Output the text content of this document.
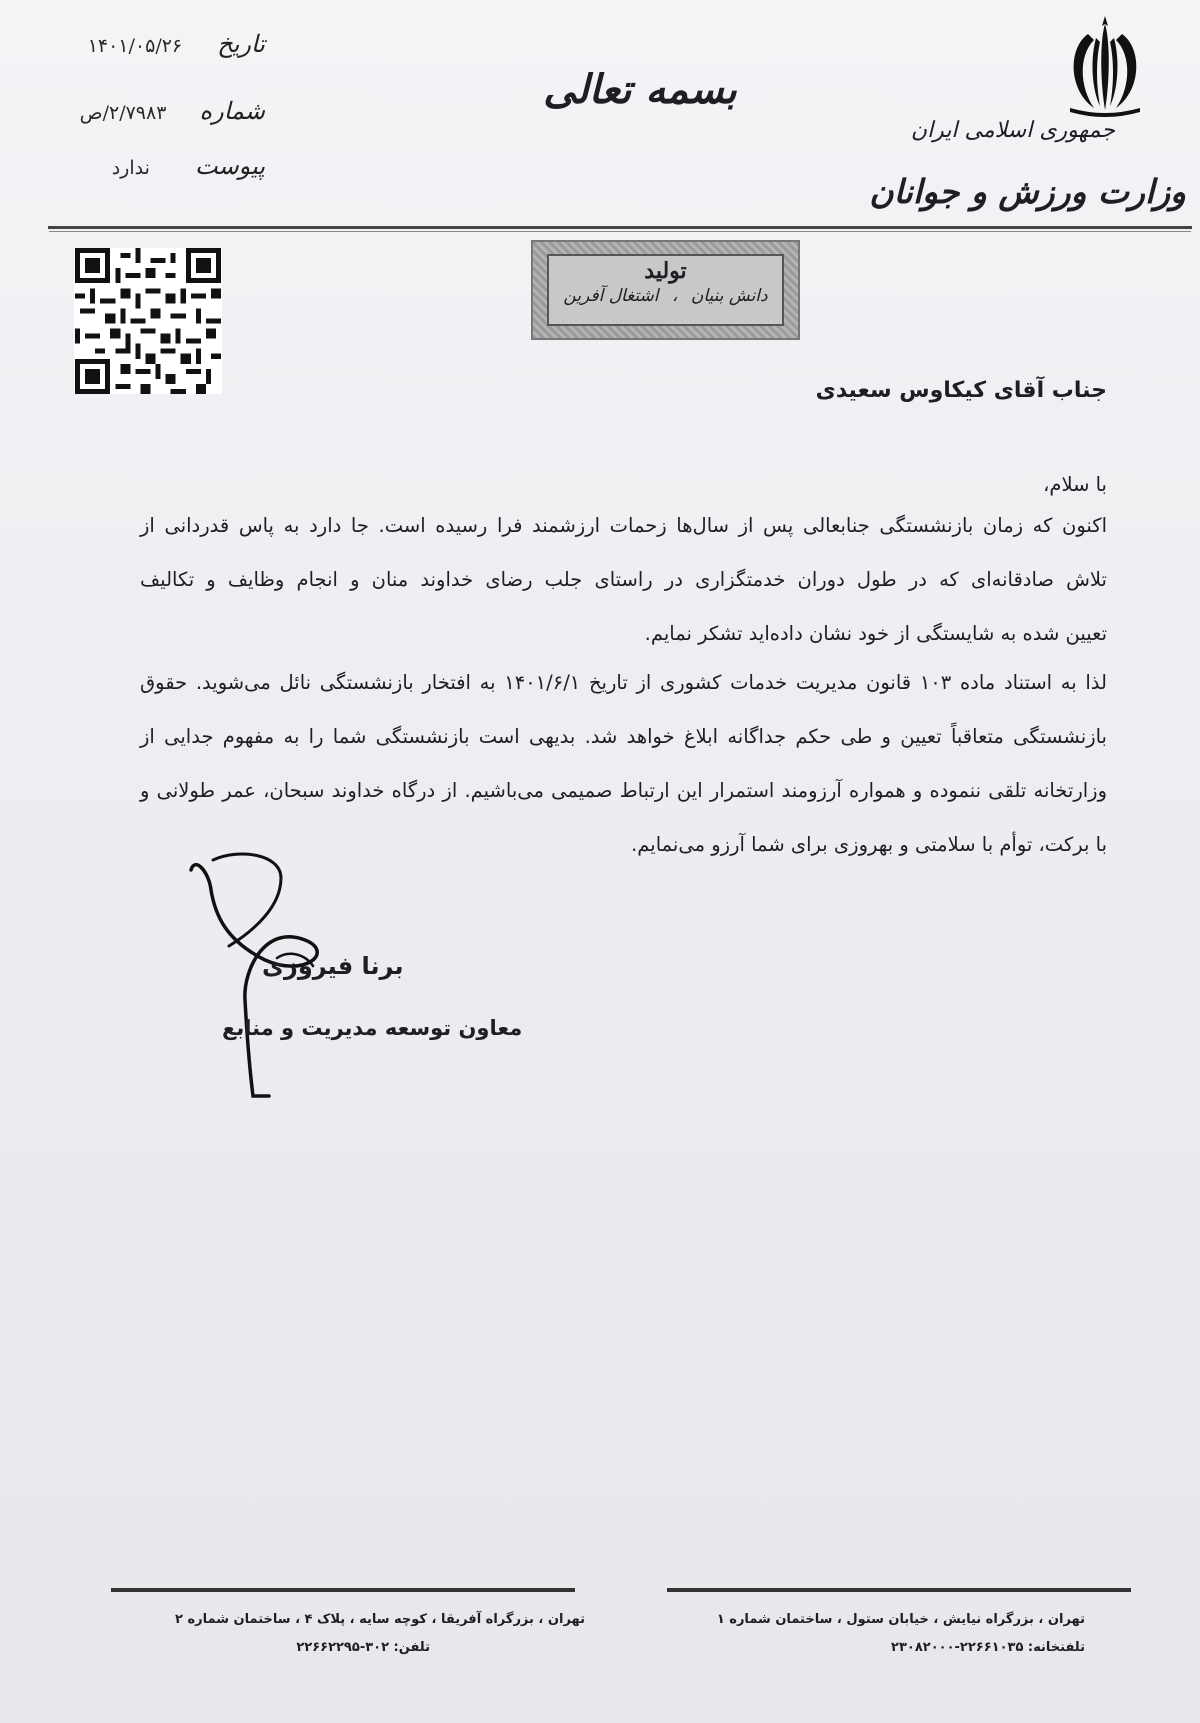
تاریخ ۱۴۰۱/۰۵/۲۶
شماره ۲/۷۹۸۳/ص
پیوست ندارد
بسمه تعالی
جمهوری اسلامی ایران
وزارت ورزش و جوانان
تولید
دانش بنیان ، اشتغال آفرین
جناب آقای کیکاوس سعیدی
با سلام،
اکنون که زمان بازنشستگی جنابعالی پس از سال‌ها زحمات ارزشمند فرا رسیده است. جا دارد به پاس قدردانی از
تلاش صادقانه‌ای که در طول دوران خدمتگزاری در راستای جلب رضای خداوند منان و انجام وظایف و تکالیف
تعیین شده به شایستگی از خود نشان داده‌اید تشکر نمایم.
لذا به استناد ماده ۱۰۳ قانون مدیریت خدمات کشوری از تاریخ ۱۴۰۱/۶/۱ به افتخار بازنشستگی نائل می‌شوید. حقوق
بازنشستگی متعاقباً تعیین و طی حکم جداگانه ابلاغ خواهد شد. بدیهی است بازنشستگی شما را به مفهوم جدایی از
وزارتخانه تلقی ننموده و همواره آرزومند استمرار این ارتباط صمیمی می‌باشیم. از درگاه خداوند سبحان، عمر طولانی و
با برکت، توأم با سلامتی و بهروزی برای شما آرزو می‌نمایم.
برنا فیروزی
معاون توسعه مدیریت و منابع
تهران ، بزرگراه آفریقا ، کوچه سایه ، پلاک ۴ ، ساختمان شماره ۲
تلفن: ۳۰۲-۲۲۶۶۲۲۹۵
تهران ، بزرگراه نیایش ، خیابان ستول ، ساختمان شماره ۱
تلفنخانه: ۲۲۶۶۱۰۳۵-۲۳۰۸۲۰۰۰
